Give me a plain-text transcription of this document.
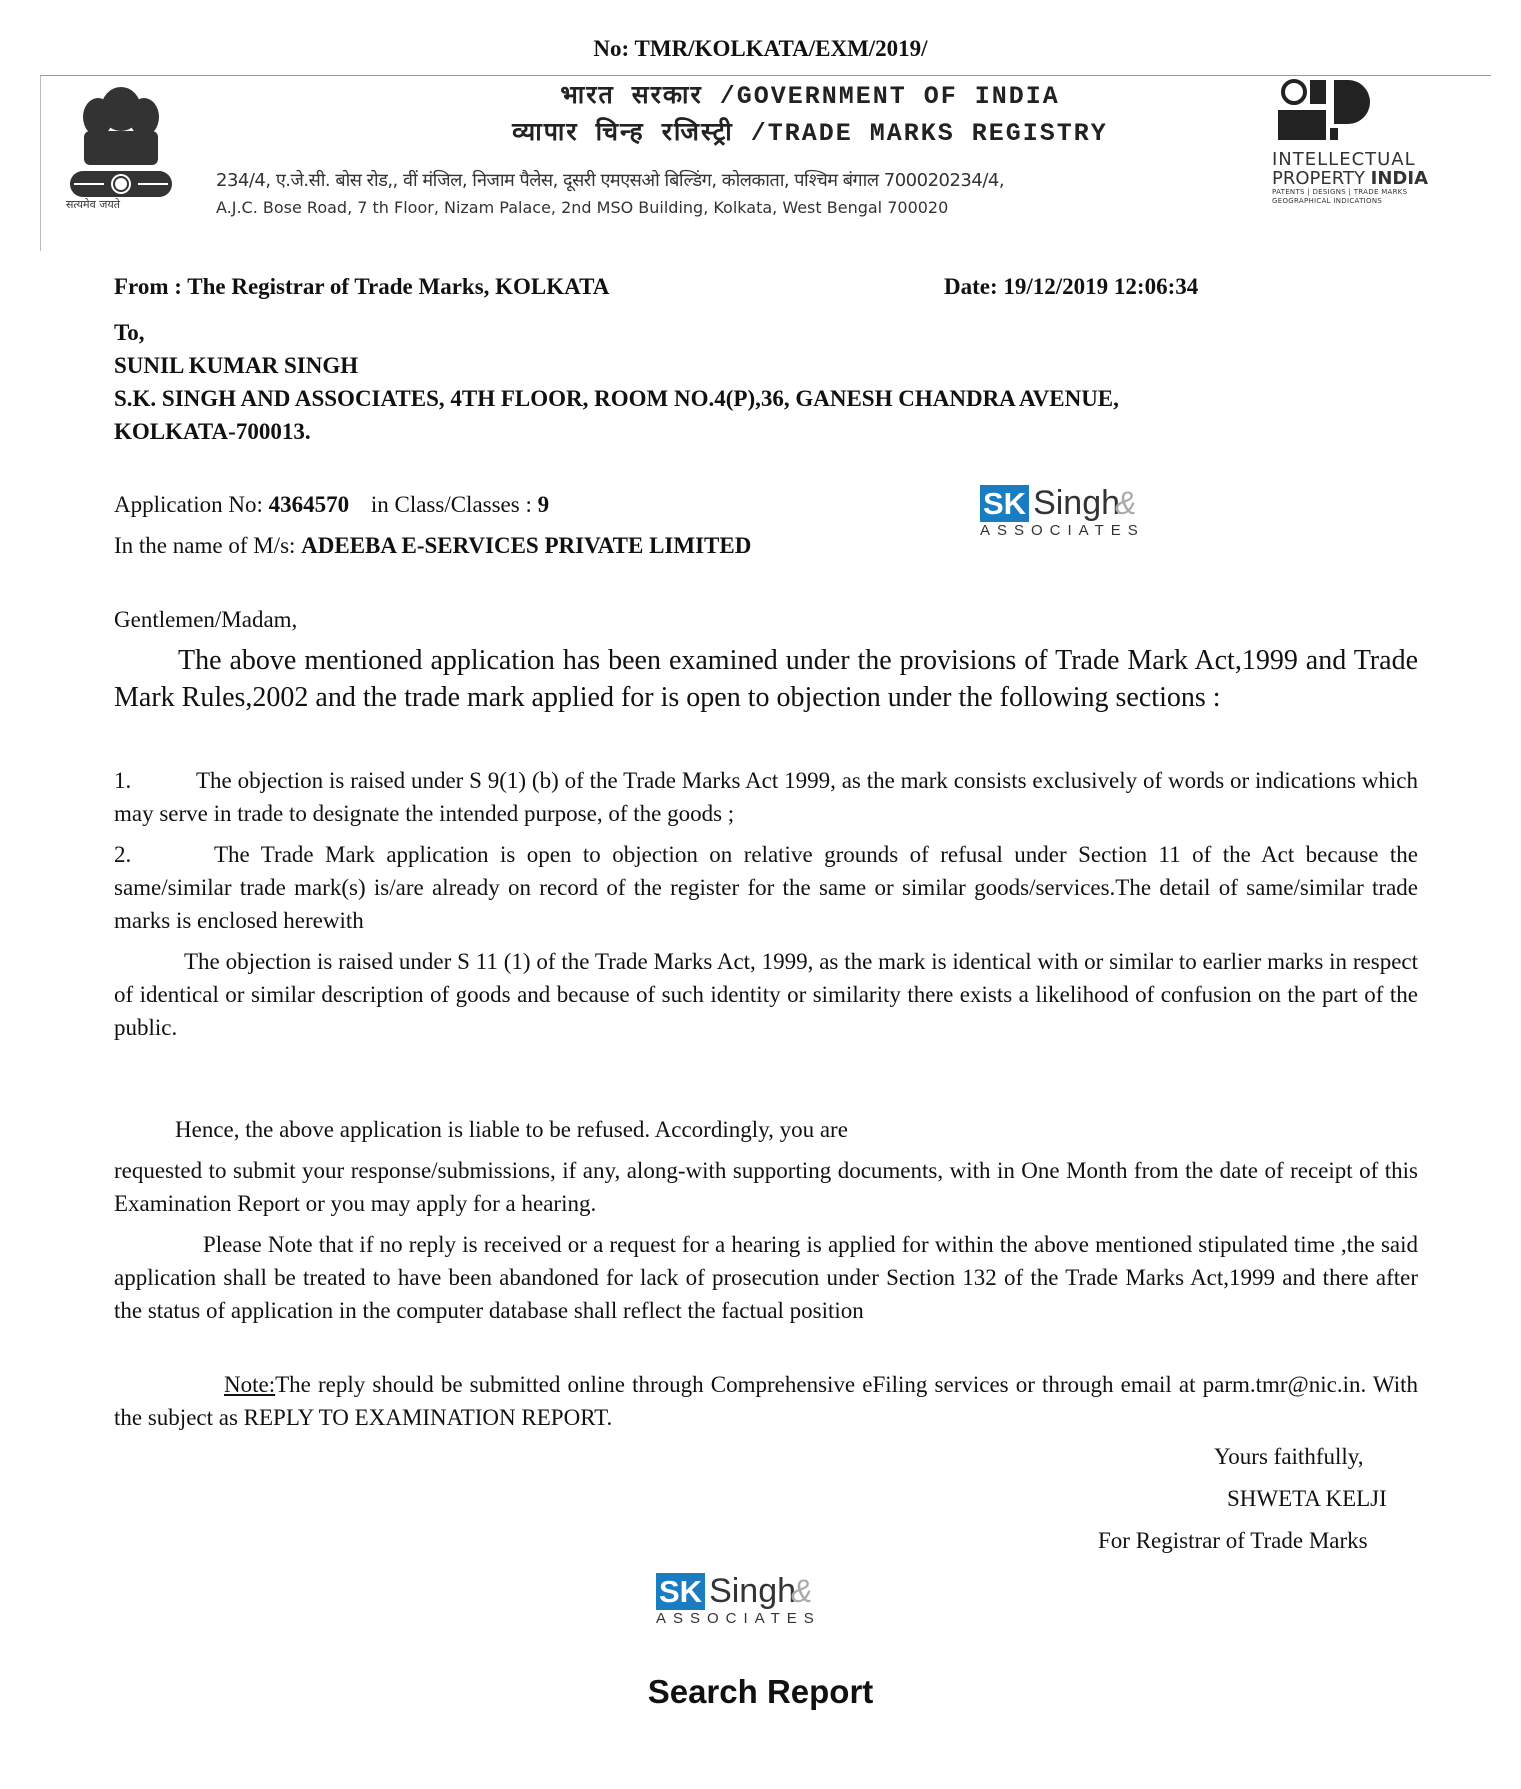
No: TMR/KOLKATA/EXM/2019/
सत्यमेव जयते
भारत सरकार /GOVERNMENT OF INDIA
व्यापार चिन्ह रजिस्ट्री /TRADE MARKS REGISTRY
234/4, ए.जे.सी. बोस रोड,, वीं मंजिल, निजाम पैलेस, दूसरी एमएसओ बिल्डिंग, कोलकाता, पश्चिम बंगाल 700020234/4,
A.J.C. Bose Road, 7 th Floor, Nizam Palace, 2nd MSO Building, Kolkata, West Bengal 700020
INTELLECTUAL
PROPERTY INDIA
PATENTS | DESIGNS | TRADE MARKS
GEOGRAPHICAL INDICATIONS
From : The Registrar of Trade Marks, KOLKATA	Date: 19/12/2019 12:06:34
To,
SUNIL KUMAR SINGH
S.K. SINGH AND ASSOCIATES, 4TH FLOOR, ROOM NO.4(P),36, GANESH CHANDRA AVENUE,
KOLKATA-700013.
Application No: 4364570 in Class/Classes : 9
In the name of M/s: ADEEBA E-SERVICES PRIVATE LIMITED
SK Singh
&
ASSOCIATES
Gentlemen/Madam,
The above mentioned application has been examined under the provisions of Trade Mark Act,1999 and Trade Mark Rules,2002 and the trade mark applied for is open to objection under the following sections :
1.	The objection is raised under S 9(1) (b) of the Trade Marks Act 1999, as the mark consists exclusively of words or indications which may serve in trade to designate the intended purpose, of the goods ;
2.	The Trade Mark application is open to objection on relative grounds of refusal under Section 11 of the Act because the same/similar trade mark(s) is/are already on record of the register for the same or similar goods/services.The detail of same/similar trade marks is enclosed herewith
The objection is raised under S 11 (1) of the Trade Marks Act, 1999, as the mark is identical with or similar to earlier marks in respect of identical or similar description of goods and because of such identity or similarity there exists a likelihood of confusion on the part of the public.
Hence, the above application is liable to be refused. Accordingly, you are
requested to submit your response/submissions, if any, along-with supporting documents, with in One Month from the date of receipt of this Examination Report or you may apply for a hearing.
Please Note that if no reply is received or a request for a hearing is applied for within the above mentioned stipulated time ,the said application shall be treated to have been abandoned for lack of prosecution under Section 132 of the Trade Marks Act,1999 and there after the status of application in the computer database shall reflect the factual position
Note:The reply should be submitted online through Comprehensive eFiling services or through email at parm.tmr@nic.in. With the subject as REPLY TO EXAMINATION REPORT.
Yours faithfully,
SHWETA KELJI
For Registrar of Trade Marks
SK Singh
&
ASSOCIATES
Search Report
